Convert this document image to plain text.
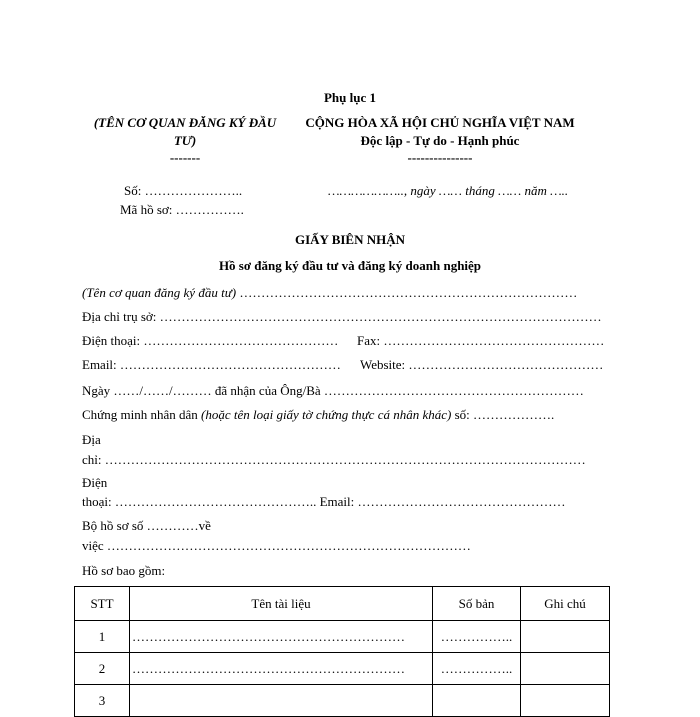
Phụ lục 1
(TÊN CƠ QUAN ĐĂNG KÝ ĐẦU
TƯ)
-------
CỘNG HÒA XÃ HỘI CHỦ NGHĨA VIỆT NAM
Độc lập - Tự do - Hạnh phúc
---------------
Số: …………………..
Mã hồ sơ: …………….
……………….., ngày …… tháng …… năm …..
GIẤY BIÊN NHẬN
Hồ sơ đăng ký đầu tư và đăng ký doanh nghiệp
(Tên cơ quan đăng ký đầu tư) ……………………………………………………………………
Địa chỉ trụ sở: …………………………………………………………………………………………
Điện thoại: ……………………………………… Fax: ……………………………………………
Email: …………………………………………… Website: ………………………………………
Ngày ……/……/……… đã nhận của Ông/Bà ……………………………………………………
Chứng minh nhân dân (hoặc tên loại giấy tờ chứng thực cá nhân khác) số: ……………….
Địa
chỉ: …………………………………………………………………………………………………
Điện
thoại: ……………………………………….. Email: …………………………………………
Bộ hồ sơ số …………về
việc …………………………………………………………………………
Hồ sơ bao gồm:
STT	Tên tài liệu	Số bản	Ghi chú
1	………………………………………………………	……………..	
2	………………………………………………………	……………..	
3			
